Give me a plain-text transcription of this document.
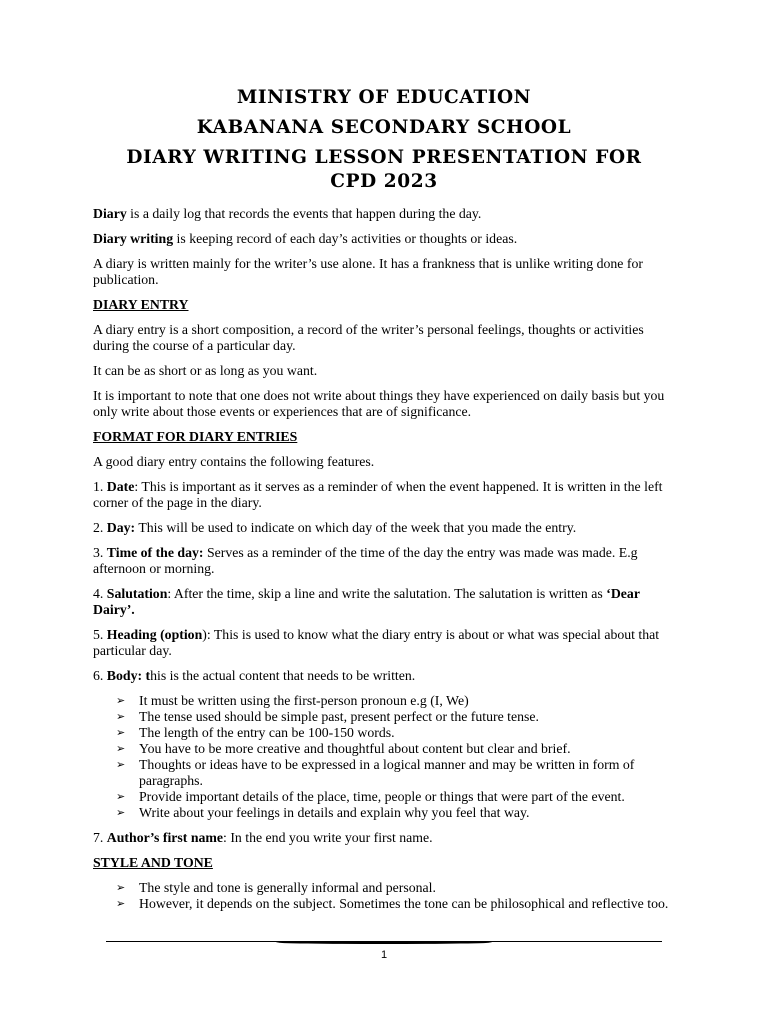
MINISTRY OF EDUCATION
KABANANA SECONDARY SCHOOL
DIARY WRITING LESSON PRESENTATION FOR
CPD 2023

Diary is a daily log that records the events that happen during the day.

Diary writing is keeping record of each day’s activities or thoughts or ideas.

A diary is written mainly for the writer’s use alone. It has a frankness that is unlike writing done for publication.

DIARY ENTRY

A diary entry is a short composition, a record of the writer’s personal feelings, thoughts or activities during the course of a particular day.

It can be as short or as long as you want.

It is important to note that one does not write about things they have experienced on daily basis but you only write about those events or experiences that are of significance.

FORMAT FOR DIARY ENTRIES

A good diary entry contains the following features.

1. Date: This is important as it serves as a reminder of when the event happened. It is written in the left corner of the page in the diary.

2. Day: This will be used to indicate on which day of the week that you made the entry.

3. Time of the day: Serves as a reminder of the time of the day the entry was made was made. E.g afternoon or morning.

4. Salutation: After the time, skip a line and write the salutation. The salutation is written as ‘Dear Dairy’.

5. Heading (option): This is used to know what the diary entry is about or what was special about that particular day.

6. Body: this is the actual content that needs to be written.

➢ It must be written using the first-person pronoun e.g (I, We)
➢ The tense used should be simple past, present perfect or the future tense.
➢ The length of the entry can be 100-150 words.
➢ You have to be more creative and thoughtful about content but clear and brief.
➢ Thoughts or ideas have to be expressed in a logical manner and may be written in form of paragraphs.
➢ Provide important details of the place, time, people or things that were part of the event.
➢ Write about your feelings in details and explain why you feel that way.

7. Author’s first name: In the end you write your first name.

STYLE AND TONE
➢ The style and tone is generally informal and personal.
➢ However, it depends on the subject. Sometimes the tone can be philosophical and reflective too.
1
